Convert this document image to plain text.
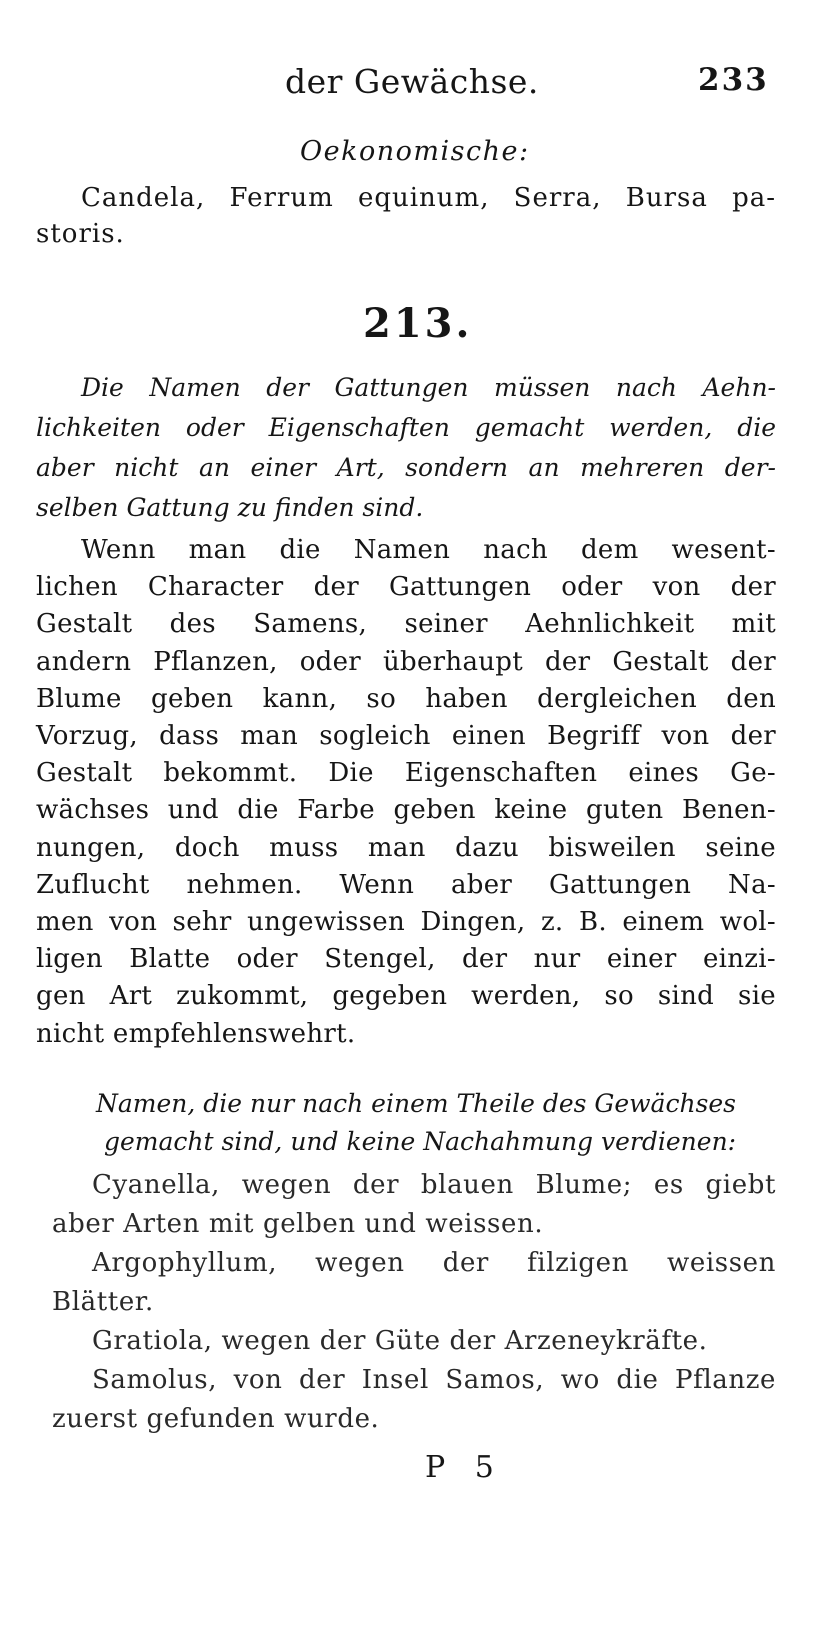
der Gewächse.	233
Oekonomische:
Candela, Ferrum equinum, Serra, Bursa pa-
storis.
213.
Die Namen der Gattungen müssen nach Aehn-
lichkeiten oder Eigenschaften gemacht werden, die
aber nicht an einer Art, sondern an mehreren der-
selben Gattung zu finden sind.
Wenn man die Namen nach dem wesent-
lichen Character der Gattungen oder von der
Gestalt des Samens, seiner Aehnlichkeit mit
andern Pflanzen, oder überhaupt der Gestalt der
Blume geben kann, so haben dergleichen den
Vorzug, dass man sogleich einen Begriff von der
Gestalt bekommt. Die Eigenschaften eines Ge-
wächses und die Farbe geben keine guten Benen-
nungen, doch muss man dazu bisweilen seine
Zuflucht nehmen. Wenn aber Gattungen Na-
men von sehr ungewissen Dingen, z. B. einem wol-
ligen Blatte oder Stengel, der nur einer einzi-
gen Art zukommt, gegeben werden, so sind sie
nicht empfehlenswehrt.
Namen, die nur nach einem Theile des Gewächses
gemacht sind, und keine Nachahmung verdienen:
Cyanella, wegen der blauen Blume; es giebt
aber Arten mit gelben und weissen.
Argophyllum, wegen der filzigen weissen
Blätter.
Gratiola, wegen der Güte der Arzeneykräfte.
Samolus, von der Insel Samos, wo die Pflanze
zuerst gefunden wurde.
P 5
